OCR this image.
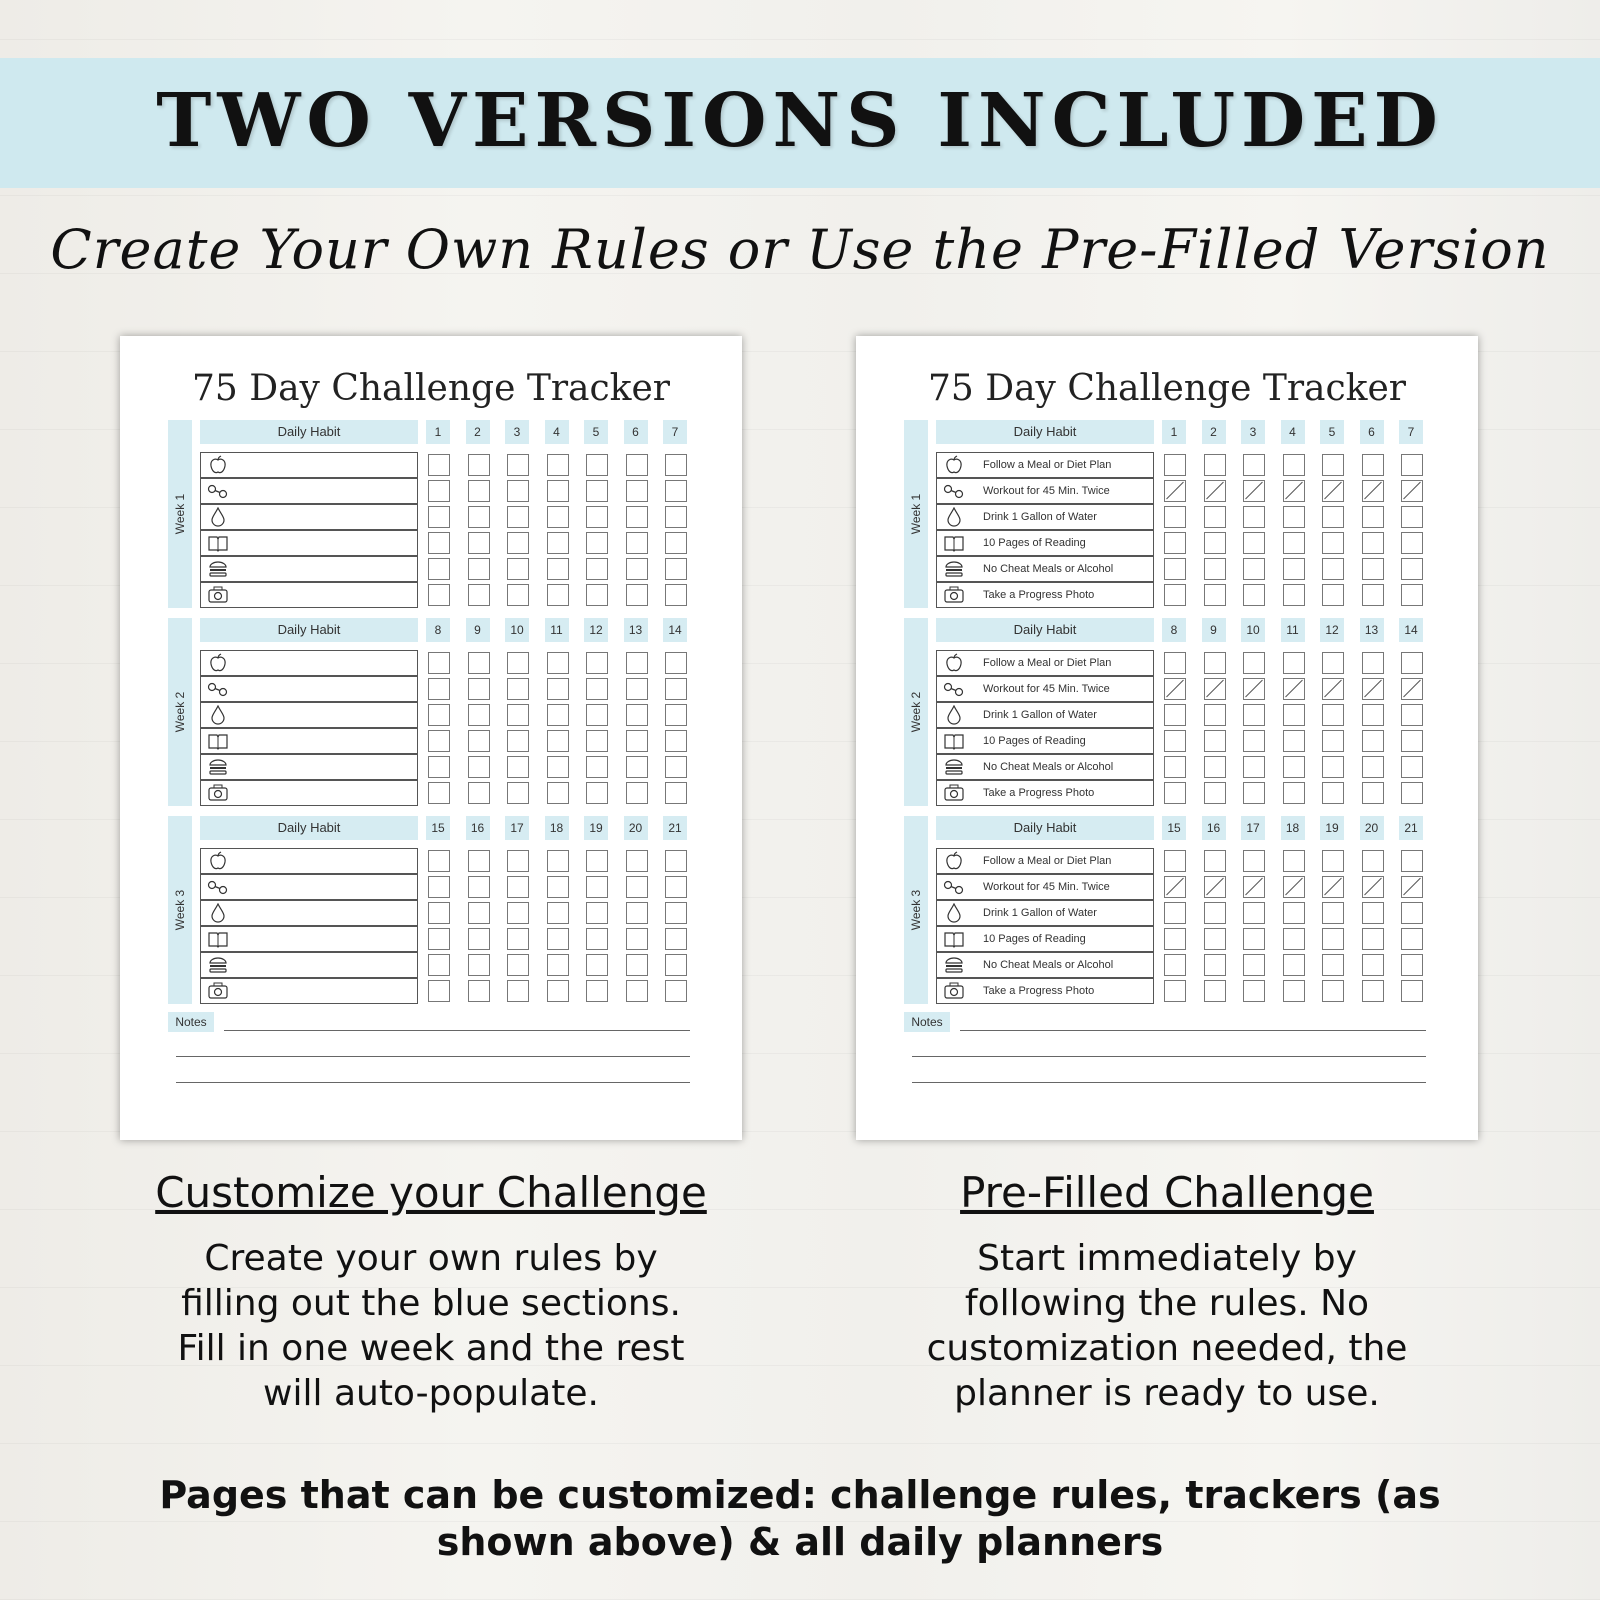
TWO VERSIONS INCLUDED
Create Your Own Rules or Use the Pre-Filled Version
75 Day Challenge Tracker
Week 1
Daily Habit	1	2	3	4	5	6	7
Week 2
Daily Habit	8	9	10	11	12	13	14
Week 3
Daily Habit	15	16	17	18	19	20	21
Notes
75 Day Challenge Tracker
Week 1
Daily Habit	1	2	3	4	5	6	7
Follow a Meal or Diet Plan
Workout for 45 Min. Twice
Drink 1 Gallon of Water
10 Pages of Reading
No Cheat Meals or Alcohol
Take a Progress Photo
Week 2
Daily Habit	8	9	10	11	12	13	14
Follow a Meal or Diet Plan
Workout for 45 Min. Twice
Drink 1 Gallon of Water
10 Pages of Reading
No Cheat Meals or Alcohol
Take a Progress Photo
Week 3
Daily Habit	15	16	17	18	19	20	21
Follow a Meal or Diet Plan
Workout for 45 Min. Twice
Drink 1 Gallon of Water
10 Pages of Reading
No Cheat Meals or Alcohol
Take a Progress Photo
Notes
Customize your Challenge
Create your own rules by
filling out the blue sections.
Fill in one week and the rest
will auto-populate.
Pre-Filled Challenge
Start immediately by
following the rules. No
customization needed, the
planner is ready to use.
Pages that can be customized: challenge rules, trackers (as
shown above) & all daily planners
